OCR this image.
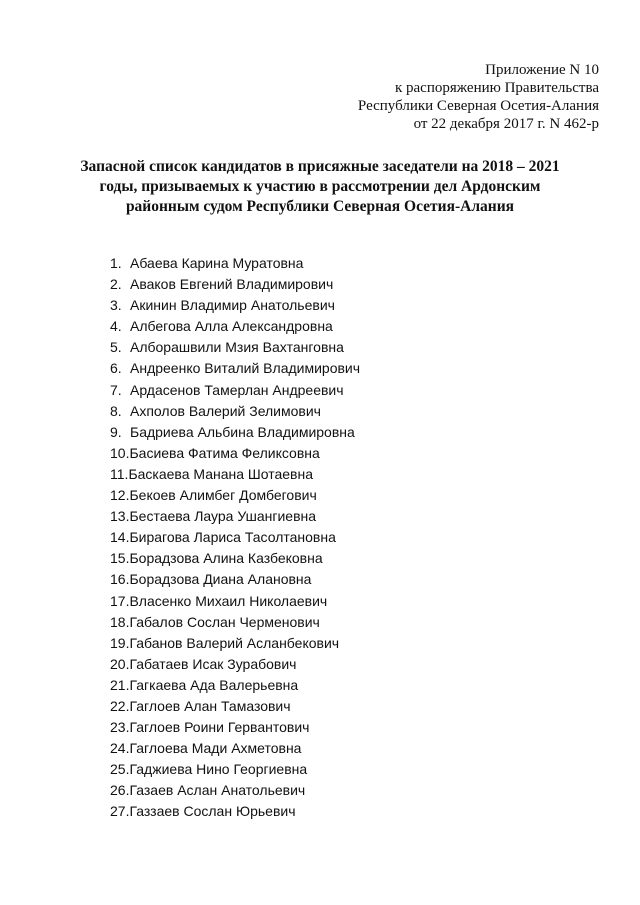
Приложение N 10
к распоряжению Правительства
Республики Северная Осетия-Алания
от 22 декабря 2017 г. N 462-р
Запасной список кандидатов в присяжные заседатели на 2018 – 2021
годы, призываемых к участию в рассмотрении дел Ардонским
районным судом Республики Северная Осетия-Алания
1. Абаева Карина Муратовна
2. Аваков Евгений Владимирович
3. Акинин Владимир Анатольевич
4. Албегова Алла Александровна
5. Алборашвили Мзия Вахтанговна
6. Андреенко Виталий Владимирович
7. Ардасенов Тамерлан Андреевич
8. Ахполов Валерий Зелимович
9. Бадриева Альбина Владимировна
10.Басиева Фатима Феликсовна
11.Баскаева Манана Шотаевна
12.Бекоев Алимбег Домбегович
13.Бестаева Лаура Ушангиевна
14.Бирагова Лариса Тасолтановна
15.Борадзова Алина Казбековна
16.Борадзова Диана Алановна
17.Власенко Михаил Николаевич
18.Габалов Сослан Черменович
19.Габанов Валерий Асланбекович
20.Габатаев Исак Зурабович
21.Гагкаева Ада Валерьевна
22.Гаглоев Алан Тамазович
23.Гаглоев Роини Гервантович
24.Гаглоева Мади Ахметовна
25.Гаджиева Нино Георгиевна
26.Газаев Аслан Анатольевич
27.Газзаев Сослан Юрьевич
